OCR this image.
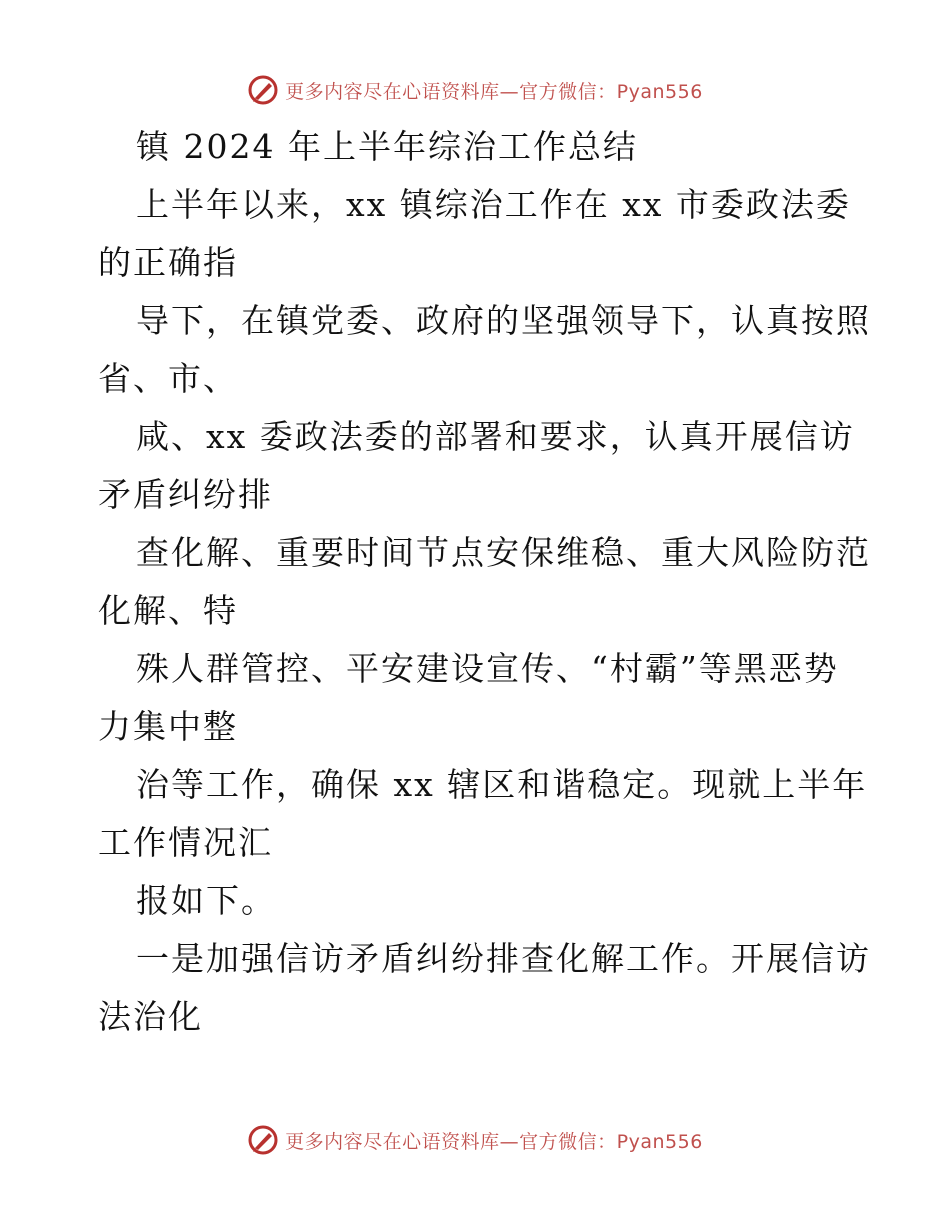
更多内容尽在心语资料库—官方微信：Pyan556
镇 2024 年上半年综治工作总结
上半年以来，xx 镇综治工作在 xx 市委政法委
的正确指
导下，在镇党委、政府的坚强领导下，认真按照
省、市、
咸、xx 委政法委的部署和要求，认真开展信访
矛盾纠纷排
查化解、重要时间节点安保维稳、重大风险防范
化解、特
殊人群管控、平安建设宣传、“村霸”等黑恶势
力集中整
治等工作，确保 xx 辖区和谐稳定。现就上半年
工作情况汇
报如下。
一是加强信访矛盾纠纷排查化解工作。开展信访
法治化
更多内容尽在心语资料库—官方微信：Pyan556
